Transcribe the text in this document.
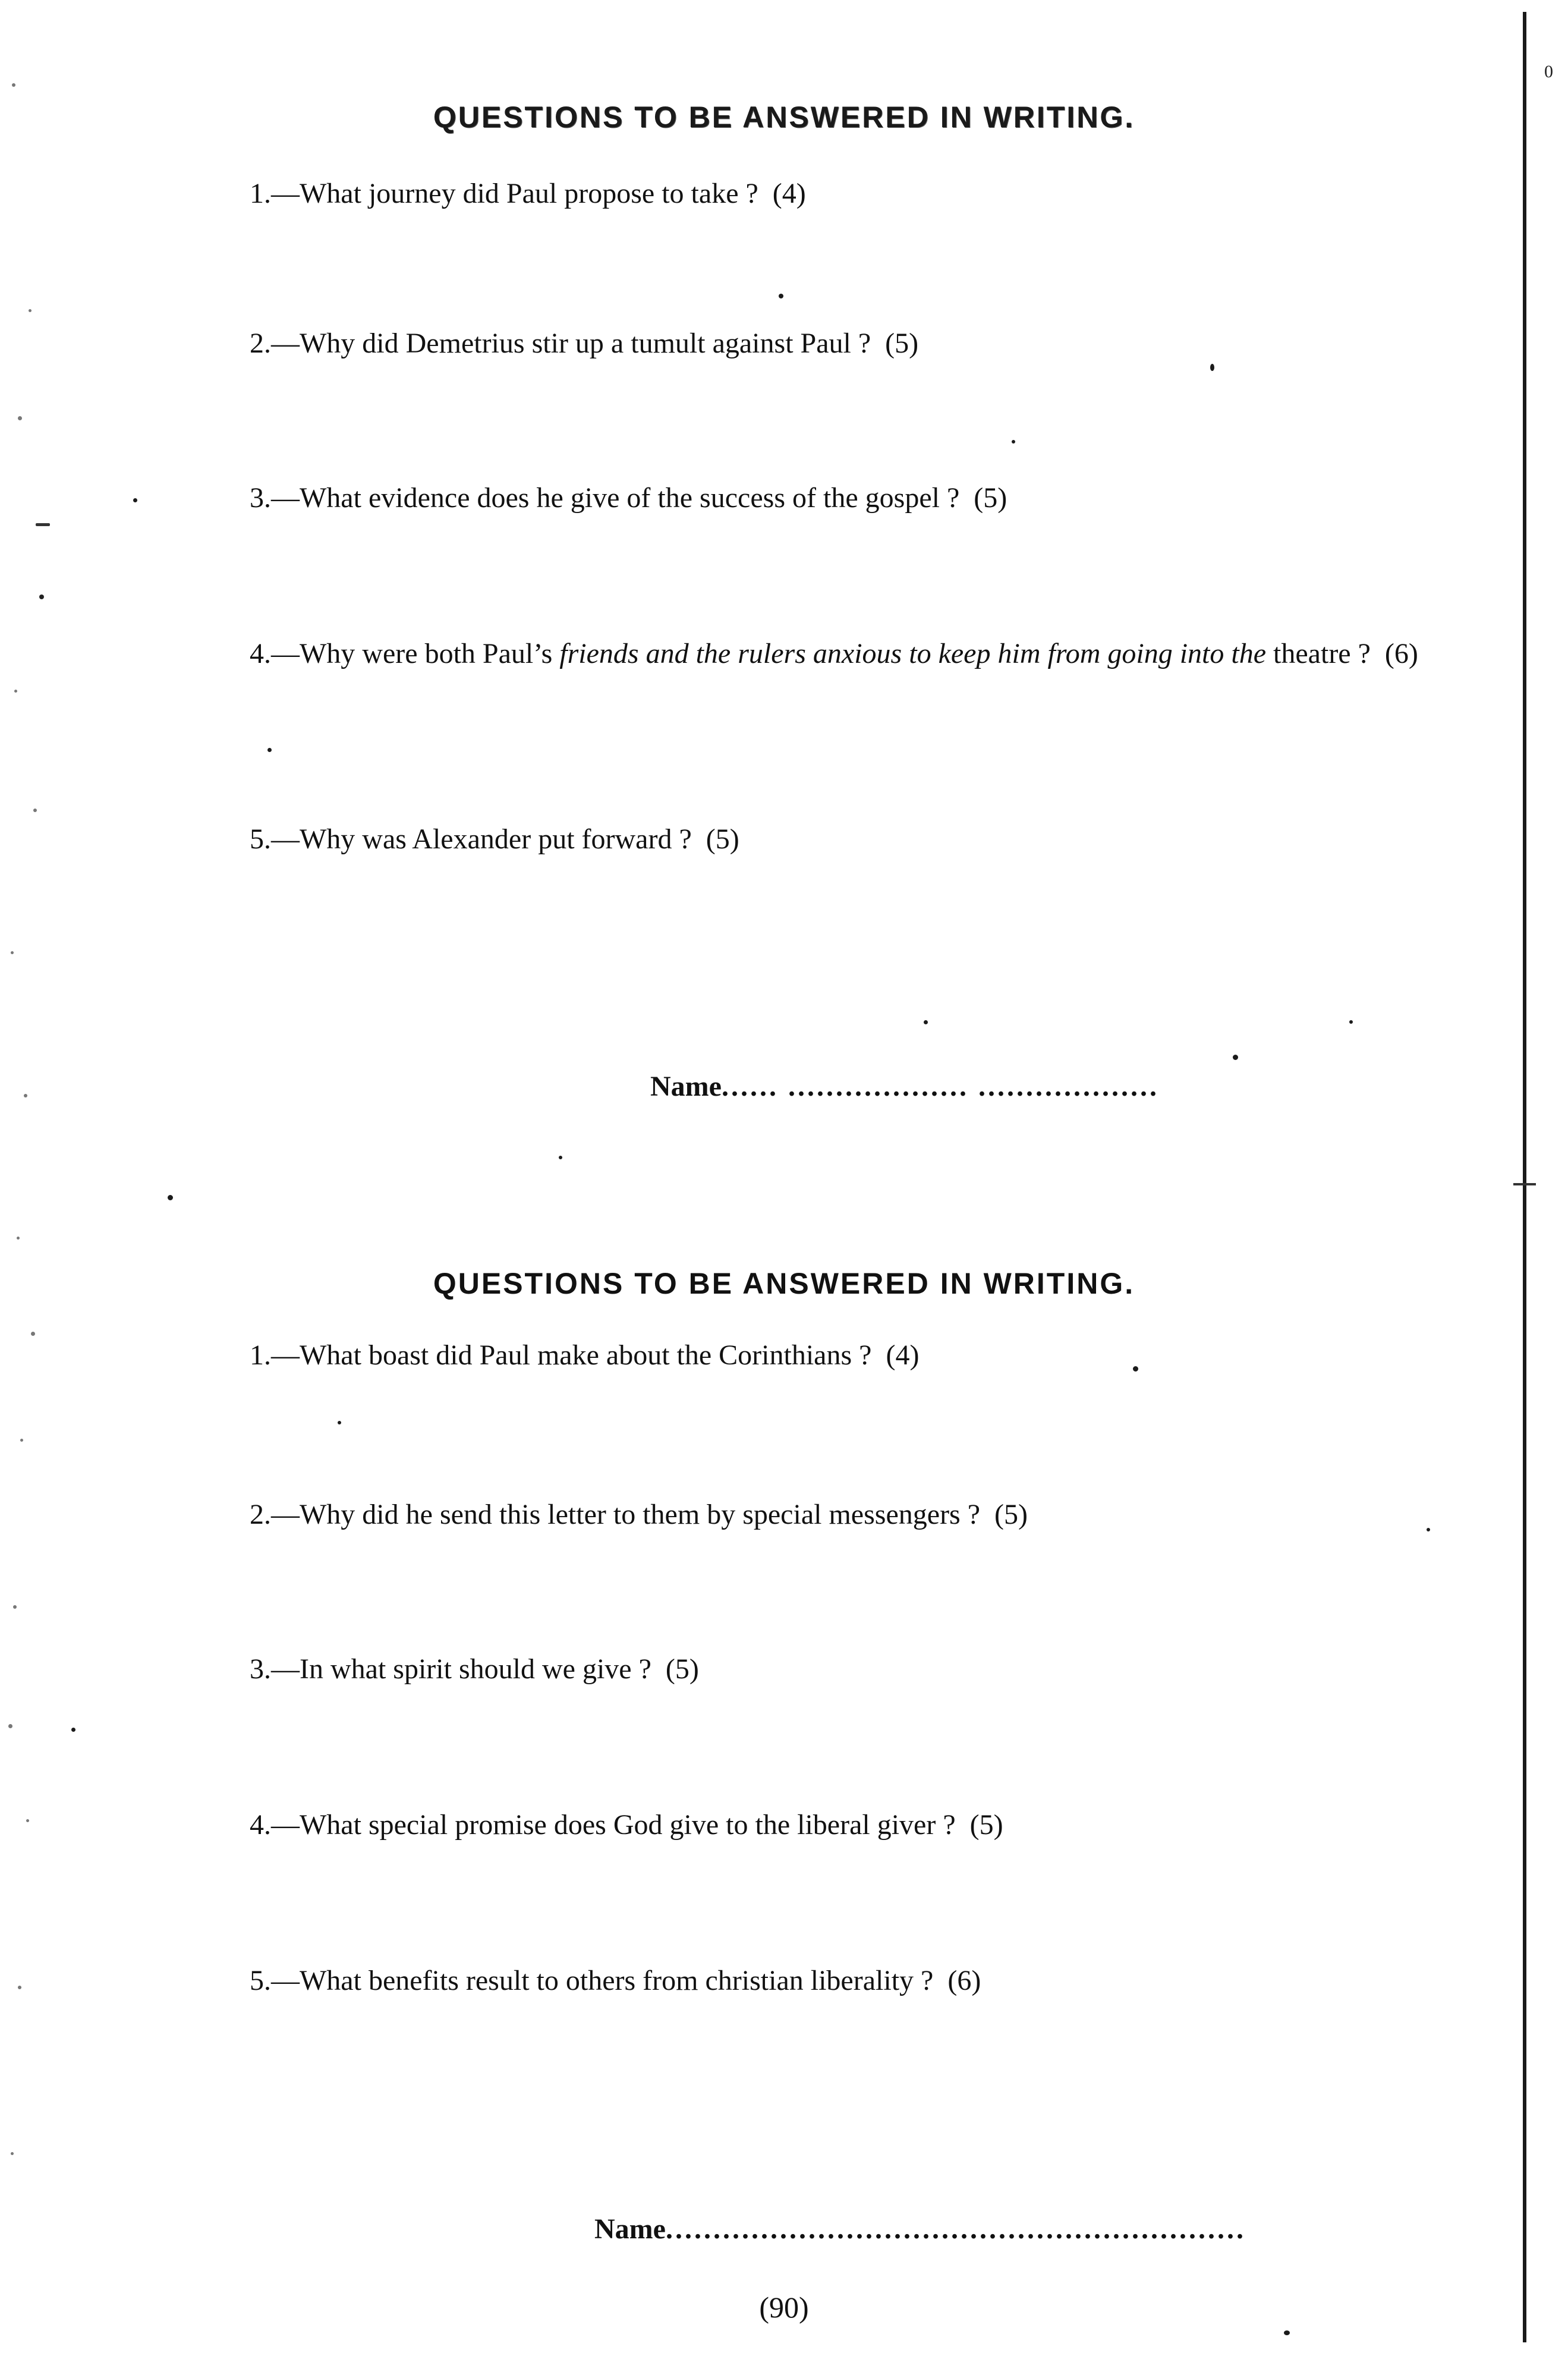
0
QUESTIONS TO BE ANSWERED IN WRITING.
1.—What journey did Paul propose to take ? (4)
2.—Why did Demetrius stir up a tumult against Paul ? (5)
3.—What evidence does he give of the success of the gospel ? (5)
4.—Why were both Paul’s friends and the rulers anxious to keep him from going into the theatre ? (6)
5.—Why was Alexander put forward ? (5)
Name...... ................... ...................
QUESTIONS TO BE ANSWERED IN WRITING.
1.—What boast did Paul make about the Corinthians ? (4)
2.—Why did he send this letter to them by special messengers ? (5)
3.—In what spirit should we give ? (5)
4.—What special promise does God give to the liberal giver ? (5)
5.—What benefits result to others from christian liberality ? (6)
Name.............................................................
(90)
